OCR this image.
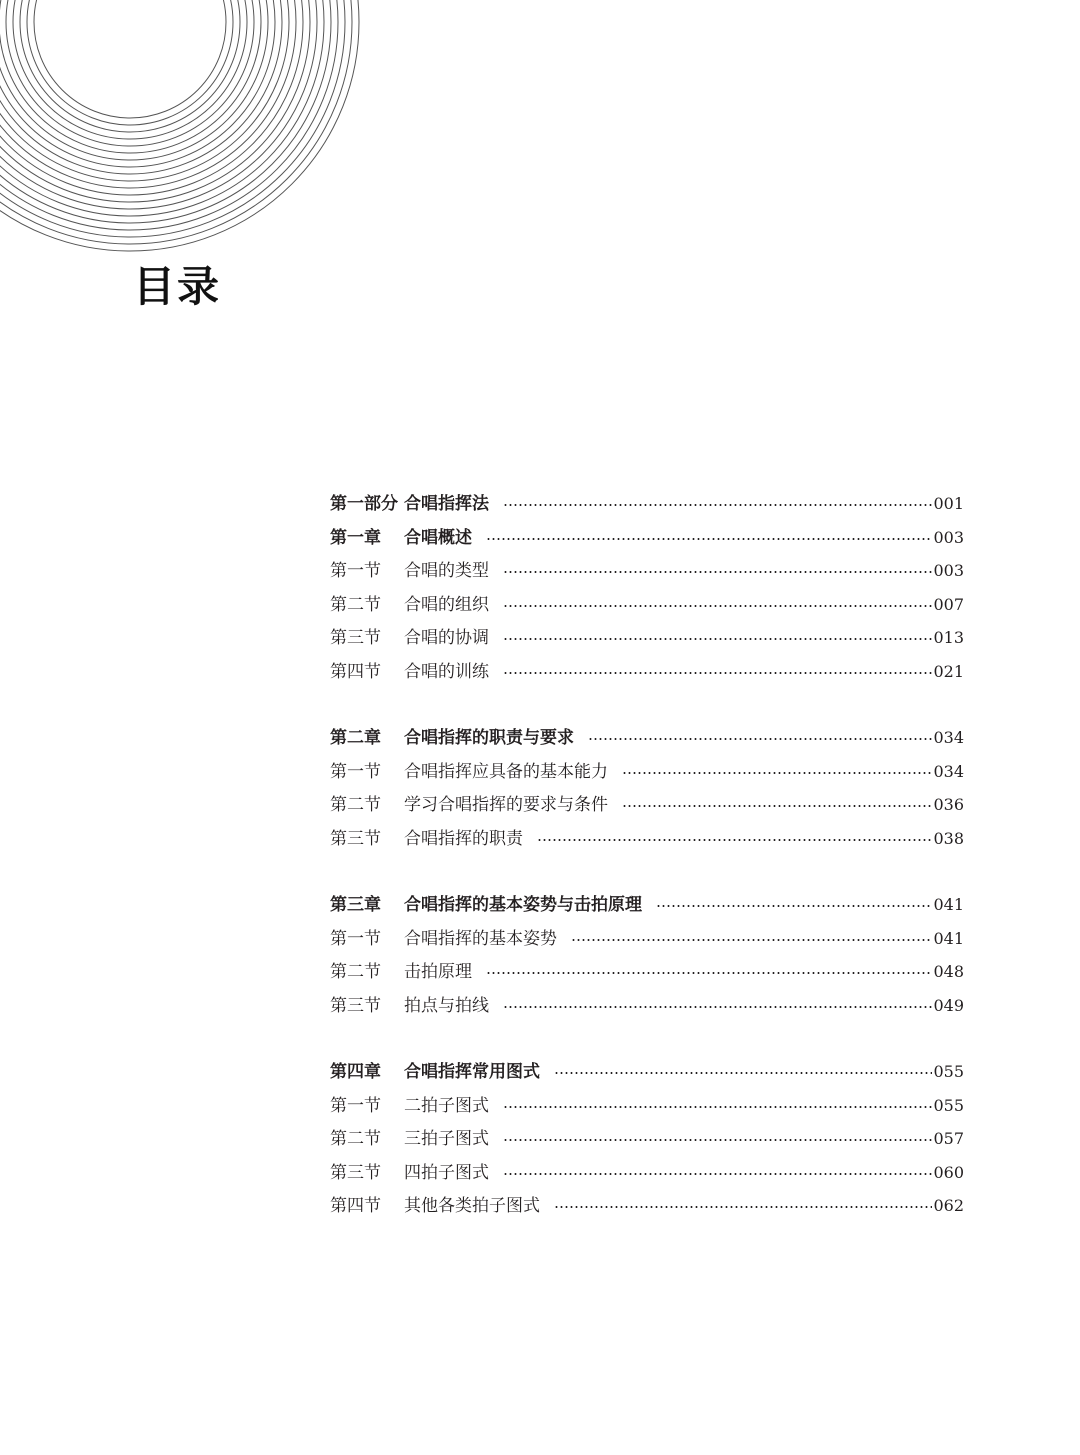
目录
第一部分 合唱指挥法	001
第一章	合唱概述	003
第一节	合唱的类型	003
第二节	合唱的组织	007
第三节	合唱的协调	013
第四节	合唱的训练	021
第二章	合唱指挥的职责与要求	034
第一节	合唱指挥应具备的基本能力	034
第二节	学习合唱指挥的要求与条件	036
第三节	合唱指挥的职责	038
第三章	合唱指挥的基本姿势与击拍原理	041
第一节	合唱指挥的基本姿势	041
第二节	击拍原理	048
第三节	拍点与拍线	049
第四章	合唱指挥常用图式	055
第一节	二拍子图式	055
第二节	三拍子图式	057
第三节	四拍子图式	060
第四节	其他各类拍子图式	062
